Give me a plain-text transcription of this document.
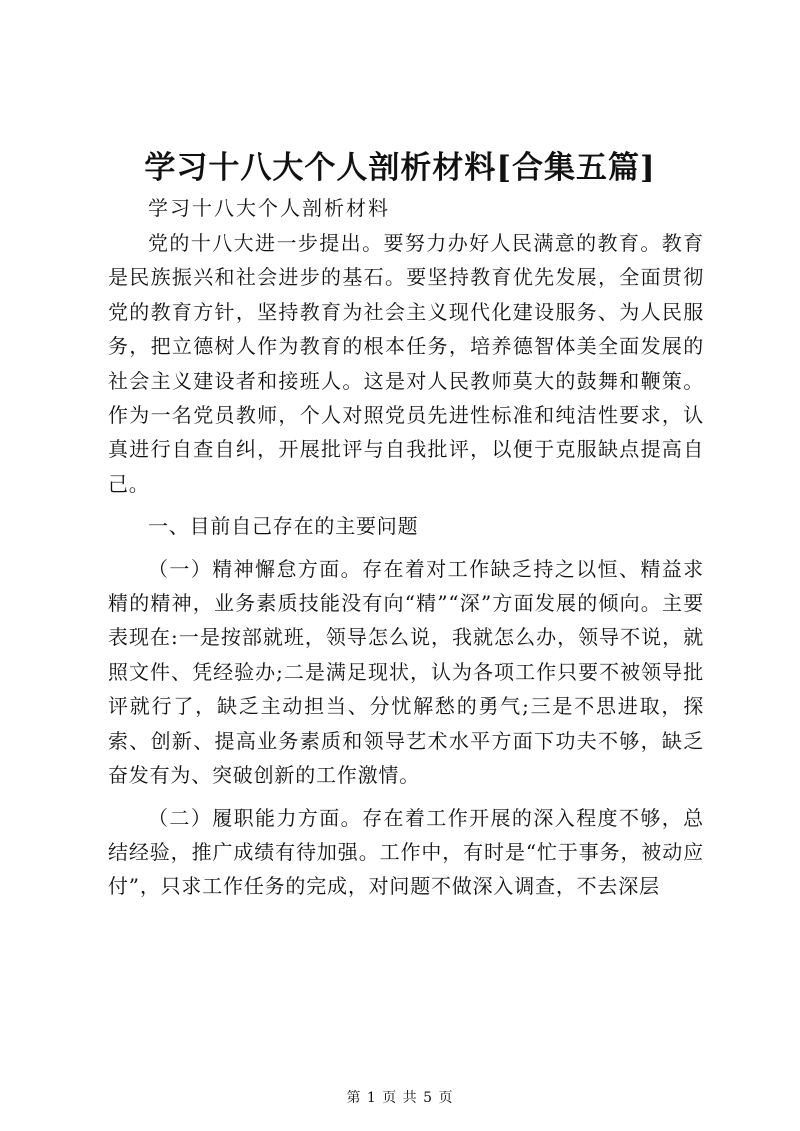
学习十八大个人剖析材料[合集五篇]

学习十八大个人剖析材料

党的十八大进一步提出。要努力办好人民满意的教育。教育是民族振兴和社会进步的基石。要坚持教育优先发展，全面贯彻党的教育方针，坚持教育为社会主义现代化建设服务、为人民服务，把立德树人作为教育的根本任务，培养德智体美全面发展的社会主义建设者和接班人。这是对人民教师莫大的鼓舞和鞭策。作为一名党员教师，个人对照党员先进性标准和纯洁性要求，认真进行自查自纠，开展批评与自我批评，以便于克服缺点提高自己。

一、目前自己存在的主要问题

（一）精神懈怠方面。存在着对工作缺乏持之以恒、精益求精的精神，业务素质技能没有向“精”“深”方面发展的倾向。主要表现在:一是按部就班，领导怎么说，我就怎么办，领导不说，就照文件、凭经验办;二是满足现状，认为各项工作只要不被领导批评就行了，缺乏主动担当、分忧解愁的勇气;三是不思进取，探索、创新、提高业务素质和领导艺术水平方面下功夫不够，缺乏奋发有为、突破创新的工作激情。

（二）履职能力方面。存在着工作开展的深入程度不够，总结经验，推广成绩有待加强。工作中，有时是“忙于事务，被动应付”，只求工作任务的完成，对问题不做深入调查，不去深层

第 1 页 共 5 页
